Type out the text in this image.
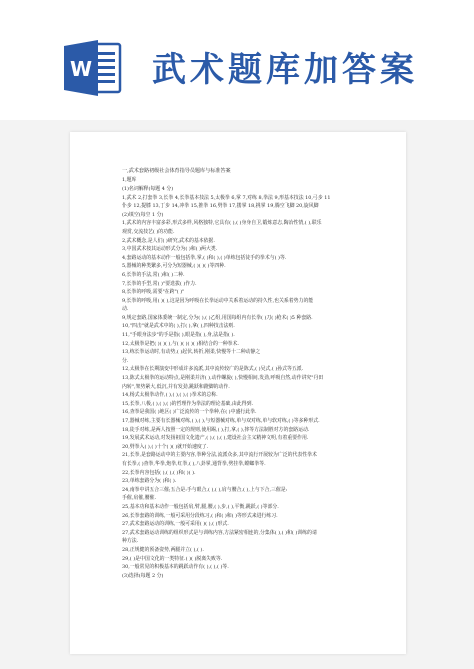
W 武术题库加答案
一,武术套路初级社会体育指导员题库与标准答案
1,题库
(1)名词解释(每题 4 分)
1,武术 2,打套拳 3,长拳 4,长拳基本技法 5,太极拳 6,掌 7,对练 8,拳法 9,形基本技法 10,弓步 11
仆步 12,提膝 13,丁步 14,冲拳 15,推拳 16,劈拳 17,搂掌 18,挑掌 19,腾空飞脚 20,旋风脚
(2)填空(每空 1 分)
1,武术的内容丰富多彩,形式多样,风格独特,它具有( ),( )身身自卫,锻炼意志,陶冶性情,( ),联乐
观赏,交流技艺( )的功能.
2,武术概念,是人们( )研究,武术的基本依据.
3,中国武术按其运动形式分为( )和( )两大类.
4,套路运动的基本动作一般包括拳,掌,( )和( ),( )单练包括徒手的拳术与( )等.
5,器械的种类繁多,可分为短器械,( )( )( )等四种.
6,长拳的手法,常( )和( )二种.
7,长拳的手型,常( )"要选拔( )作力.
8,长拳的呼吸,需要"在跨"( )"
9,长拳的呼吸,用( )( ),这是因为呼吸在长拳运动中关系着运动的持久性,也关系着势力的能
动.
9,规定套路,国家体委统一制定,分为( ),( )乙组,用国每组内有长拳( )刀( )枪术( )5 种套路.
10,"四击"就是武术中的( ),打( ),拿( ),四种技击法则.
11,"手眼身法步"的手是指( ),眼是指( ),身,法是指( ).
12,太极拳是把( )( )( ),与( )( )( )( )相结合的一种拳术.
13,练长拳运动时,有动势,( )起伏,转折,刚柔,快慢等十二种动静之
分.
12,太极拳在长期演变中形成许多流派,其中流传较广的是陈式,( )吴式,( )孙式等五派.
13,陈式太极拳的运动特点,是刚柔并济( ),动作螺旋( ),快慢相间,发劲,呼吸自然,动作讲究"丹田
内转",架势紧大,低沉,并有发劲,跳跃和蹬脚的动作.
14,杨式太极拳动作,( ),( ),( ),( )拳术的总称.
15,长拳,八极,( ),( ),( )的哲理作为拳法的理论基础,由此得到.
16,查拳是我国( )地区( )广泛流传的一个拳种,在( )中盛行此拳.
17,器械对练,主要有长器械对练,( ),( ),与短器械对练,单与双对练,单与软对练,( )等多种形式.
18,徒手对练,是两人按照一定的规则,使用踢,( ),打,拿,( ),摔等方法制胜对方的套路运动.
19,发展武术运动,对发扬祖国文化遗产,( ),( ),( ),建设社会主义精神文明,有着重要作用.
20,劈拳入( ),( )十个( )( )就开始速度了.
21,长拳,是套路运动中的主要内容,拳种分法,流派众多,其中流行开展较为广泛的代表性拳术
有长拳,( )查拳,华拳,炮拳,红拳,( ),八卦掌,通背拳,劈挂拳,螳螂拳等.
22,长拳内容包括( ),( ),( )和( )( ).
23,单练套路分为( )和( ).
24,南拳中讲五合三催;五合是:手与眼合,( ),( ),肩与腰合,( ),上与下合,三催是:
手催,肩催,腰催.
25,基本功和基本动作一般包括肩,臂,腿,腰,( ),步,( ),平衡,跳跃,( )等部分.
26,长拳套路的训练,一般可采用分段练习,( )和( )和( )等形式来进行练习.
27,武术套路运动的训练,一般可采用( )( ),( )形式.
27,武术套路运动训练的组织形式是与训练内容,方法紧密相连的,分集体( ),( )和( )训练的请
种方法.
28,正规健的预备姿势,两腿并立( ),( ).
29,( )是中国文化的一类特征.( )( )脱离失败等.
30,一般常见的积极基本的跳跃动作有( ),( ),( )等.
(3)选择(每题 2 分)
